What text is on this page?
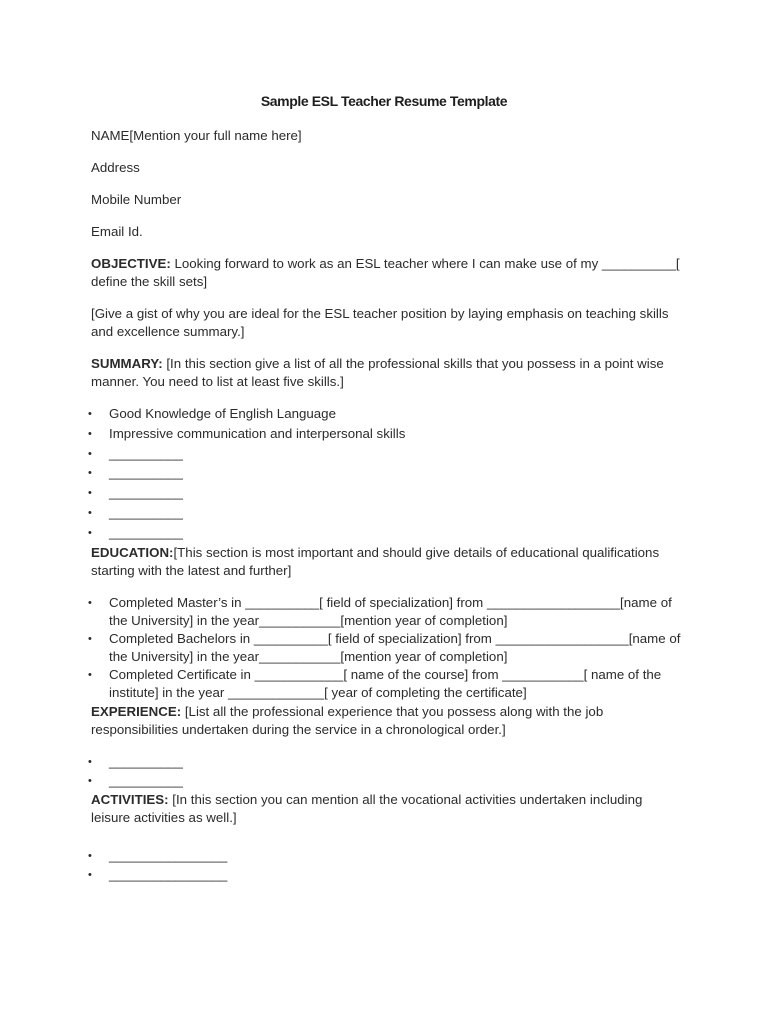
Sample ESL Teacher Resume Template

NAME[Mention your full name here]

Address

Mobile Number

Email Id.

OBJECTIVE: Looking forward to work as an ESL teacher where I can make use of my __________[ define the skill sets]

[Give a gist of why you are ideal for the ESL teacher position by laying emphasis on teaching skills and excellence summary.]

SUMMARY: [In this section give a list of all the professional skills that you possess in a point wise manner. You need to list at least five skills.]

•	Good Knowledge of English Language
•	Impressive communication and interpersonal skills
•	__________
•	__________
•	__________
•	__________
•	__________

EDUCATION:[This section is most important and should give details of educational qualifications starting with the latest and further]

•	Completed Master’s in __________[ field of specialization] from __________________[name of the University] in the year___________[mention year of completion]
•	Completed Bachelors in __________[ field of specialization] from __________________[name of the University] in the year___________[mention year of completion]
•	Completed Certificate in ____________[ name of the course] from ___________[ name of the institute] in the year _____________[ year of completing the certificate]

EXPERIENCE: [List all the professional experience that you possess along with the job responsibilities undertaken during the service in a chronological order.]

•	__________
•	__________

ACTIVITIES: [In this section you can mention all the vocational activities undertaken including leisure activities as well.]

•	________________
•	________________
